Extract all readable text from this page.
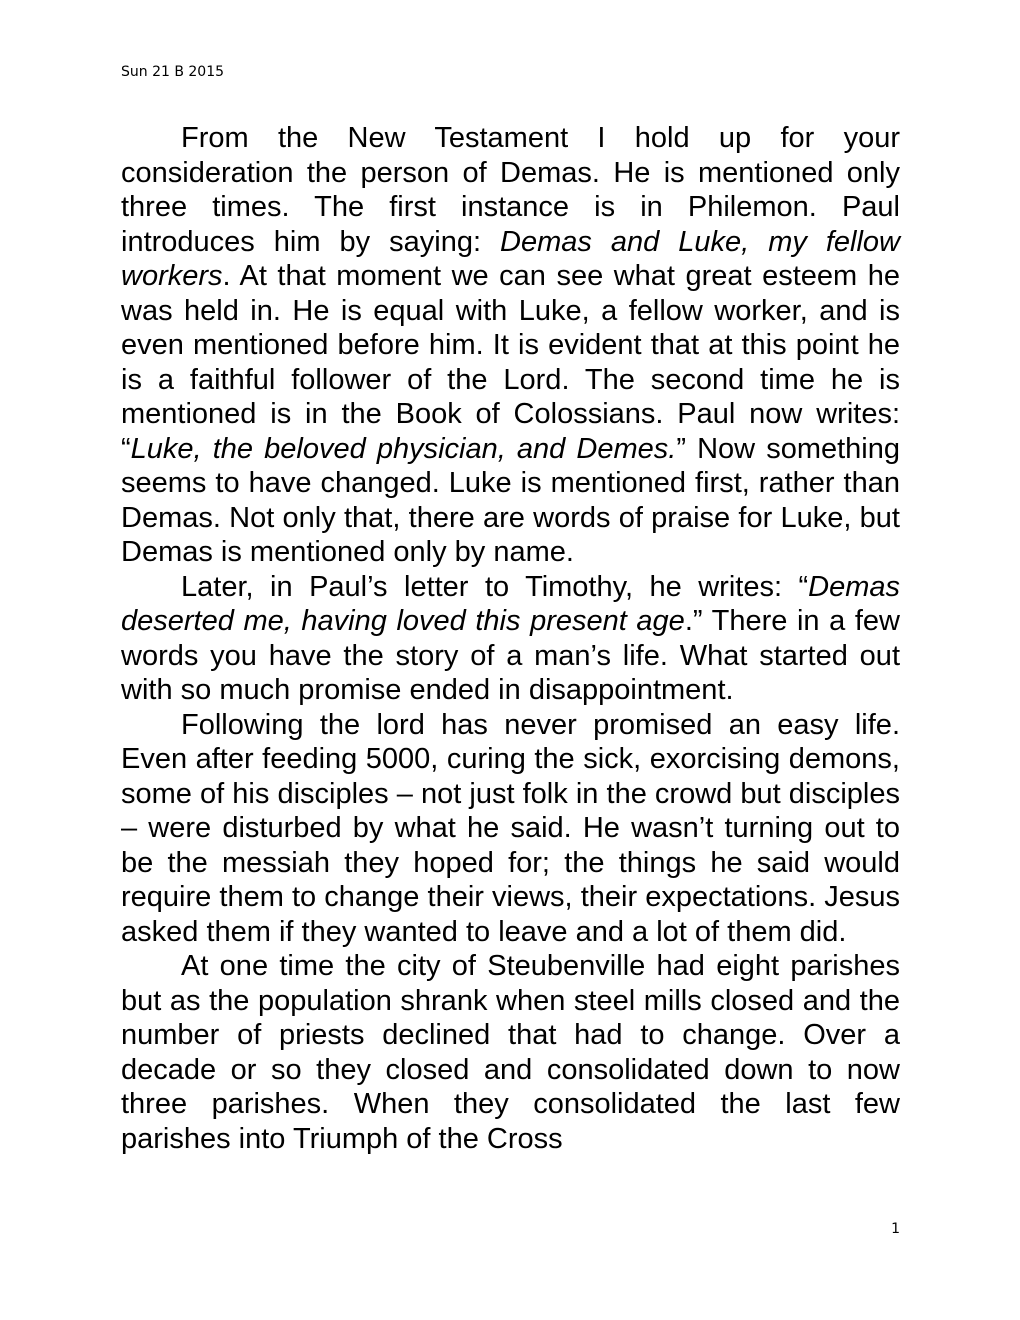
Sun 21 B 2015

From the New Testament I hold up for your consideration the person of Demas. He is mentioned only three times. The first instance is in Philemon. Paul introduces him by saying: Demas and Luke, my fellow workers. At that moment we can see what great esteem he was held in. He is equal with Luke, a fellow worker, and is even mentioned before him. It is evident that at this point he is a faithful follower of the Lord. The second time he is mentioned is in the Book of Colossians. Paul now writes: “Luke, the beloved physician, and Demes.” Now something seems to have changed. Luke is mentioned first, rather than Demas. Not only that, there are words of praise for Luke, but Demas is mentioned only by name.

Later, in Paul’s letter to Timothy, he writes: “Demas deserted me, having loved this present age.” There in a few words you have the story of a man’s life. What started out with so much promise ended in disappointment.

Following the lord has never promised an easy life. Even after feeding 5000, curing the sick, exorcising demons, some of his disciples – not just folk in the crowd but disciples – were disturbed by what he said. He wasn’t turning out to be the messiah they hoped for; the things he said would require them to change their views, their expectations. Jesus asked them if they wanted to leave and a lot of them did.

At one time the city of Steubenville had eight parishes but as the population shrank when steel mills closed and the number of priests declined that had to change. Over a decade or so they closed and consolidated down to now three parishes. When they consolidated the last few parishes into Triumph of the Cross

1
